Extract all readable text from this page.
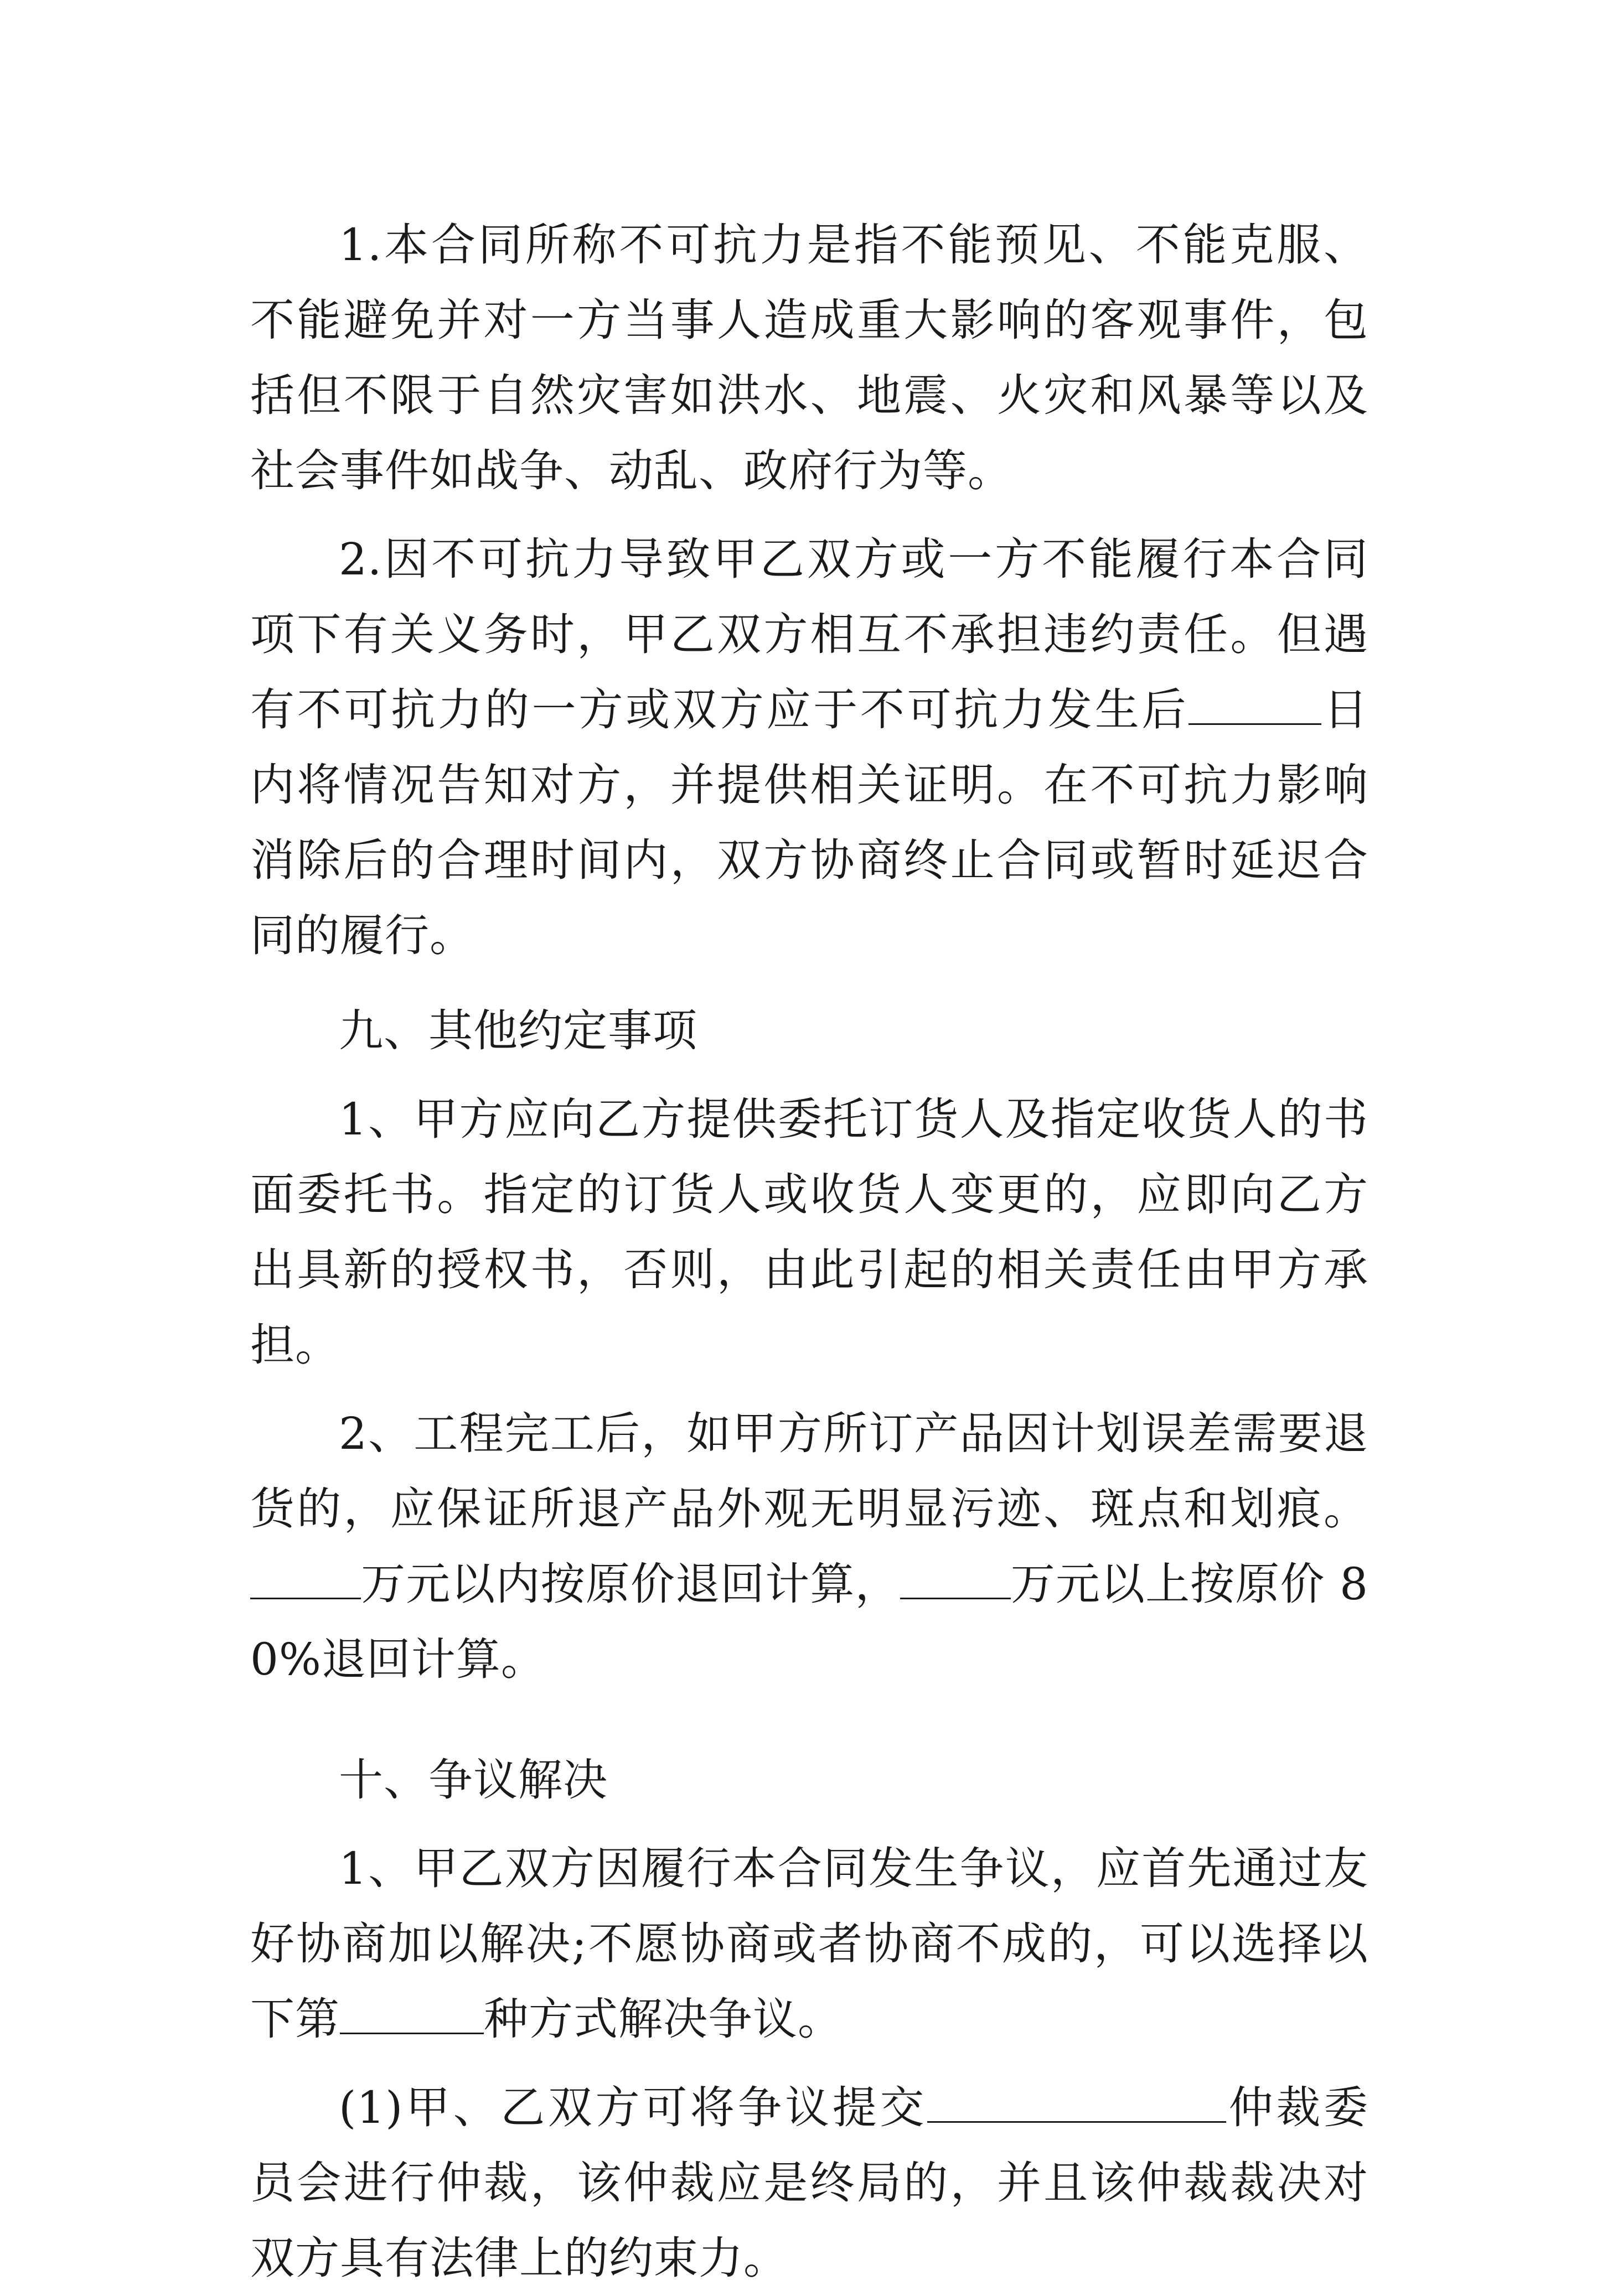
1.本合同所称不可抗力是指不能预见、不能克服、不能避免并对一方当事人造成重大影响的客观事件，包括但不限于自然灾害如洪水、地震、火灾和风暴等以及社会事件如战争、动乱、政府行为等。

2.因不可抗力导致甲乙双方或一方不能履行本合同项下有关义务时，甲乙双方相互不承担违约责任。但遇有不可抗力的一方或双方应于不可抗力发生后	日内将情况告知对方，并提供相关证明。在不可抗力影响消除后的合理时间内，双方协商终止合同或暂时延迟合同的履行。

九、其他约定事项

1、甲方应向乙方提供委托订货人及指定收货人的书面委托书。指定的订货人或收货人变更的，应即向乙方出具新的授权书，否则，由此引起的相关责任由甲方承担。

2、工程完工后，如甲方所订产品因计划误差需要退货的，应保证所退产品外观无明显污迹、斑点和划痕。万元以内按原价退回计算，	万元以上按原价 80%退回计算。

十、争议解决

1、甲乙双方因履行本合同发生争议，应首先通过友好协商加以解决;不愿协商或者协商不成的，可以选择以下第	种方式解决争议。

(1)甲、乙双方可将争议提交	仲裁委员会进行仲裁，该仲裁应是终局的，并且该仲裁裁决对双方具有法律上的约束力。
